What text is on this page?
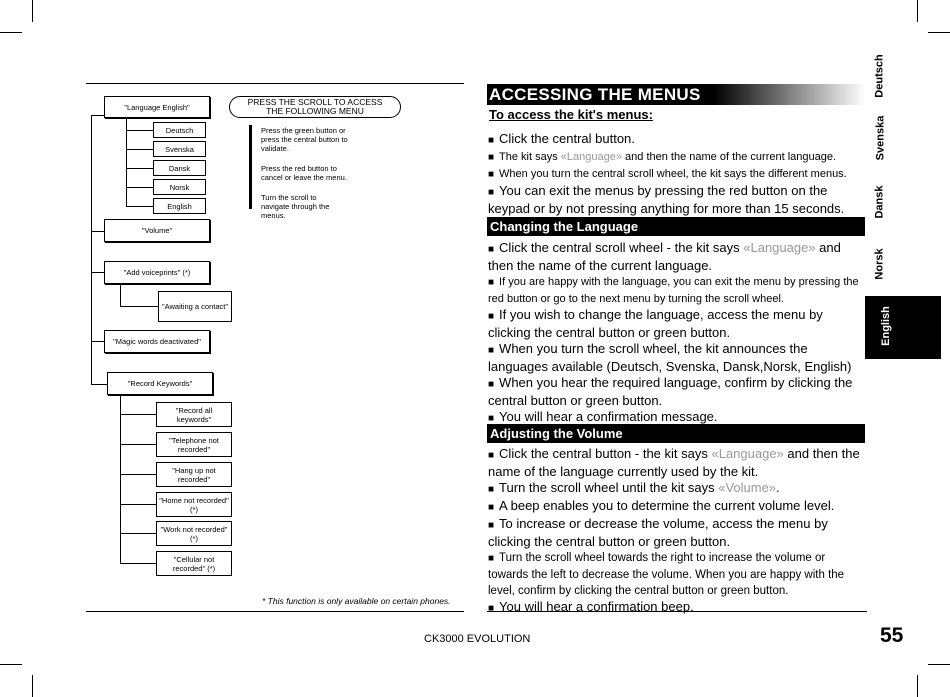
Deutsch
Svenska
Dansk
Norsk
English
"Language English"
Deutsch
Svenska
Dansk
Norsk
English
"Volume"
"Add voiceprints" (*)
"Awaiting a contact"
"Magic words deactivated"
"Record Keywords"
"Record all keywords"
"Telephone not recorded"
"Hang up not recorded"
"Home not recorded" (*)
"Work not recorded" (*)
"Cellular not recorded" (*)
PRESS THE SCROLL TO ACCESS THE FOLLOWING MENU
Press the green button or press the central button to validate.
Press the red button to cancel or leave the menu.
Turn the scroll to navigate through the menus.
* This function is only available on certain phones.
ACCESSING THE MENUS
To access the kit's menus:
■ Click the central button.
■ The kit says «Language» and then the name of the current language.
■ When you turn the central scroll wheel, the kit says the different menus.
■ You can exit the menus by pressing the red button on the keypad or by not pressing anything for more than 15 seconds.
Changing the Language
■ Click the central scroll wheel - the kit says «Language» and then the name of the current language.
■ If you are happy with the language, you can exit the menu by pressing the red button or go to the next menu by turning the scroll wheel.
■ If you wish to change the language, access the menu by clicking the central button or green button.
■ When you turn the scroll wheel, the kit announces the languages available (Deutsch, Svenska, Dansk,Norsk, English)
■ When you hear the required language, confirm by clicking the central button or green button.
■ You will hear a confirmation message.
Adjusting the Volume
■ Click the central button - the kit says «Language» and then the name of the language currently used by the kit.
■ Turn the scroll wheel until the kit says «Volume».
■ A beep enables you to determine the current volume level.
■ To increase or decrease the volume, access the menu by clicking the central button or green button.
■ Turn the scroll wheel towards the right to increase the volume or towards the left to decrease the volume. When you are happy with the level, confirm by clicking the central button or green button.
■ You will hear a confirmation beep.
CK3000 EVOLUTION	55
